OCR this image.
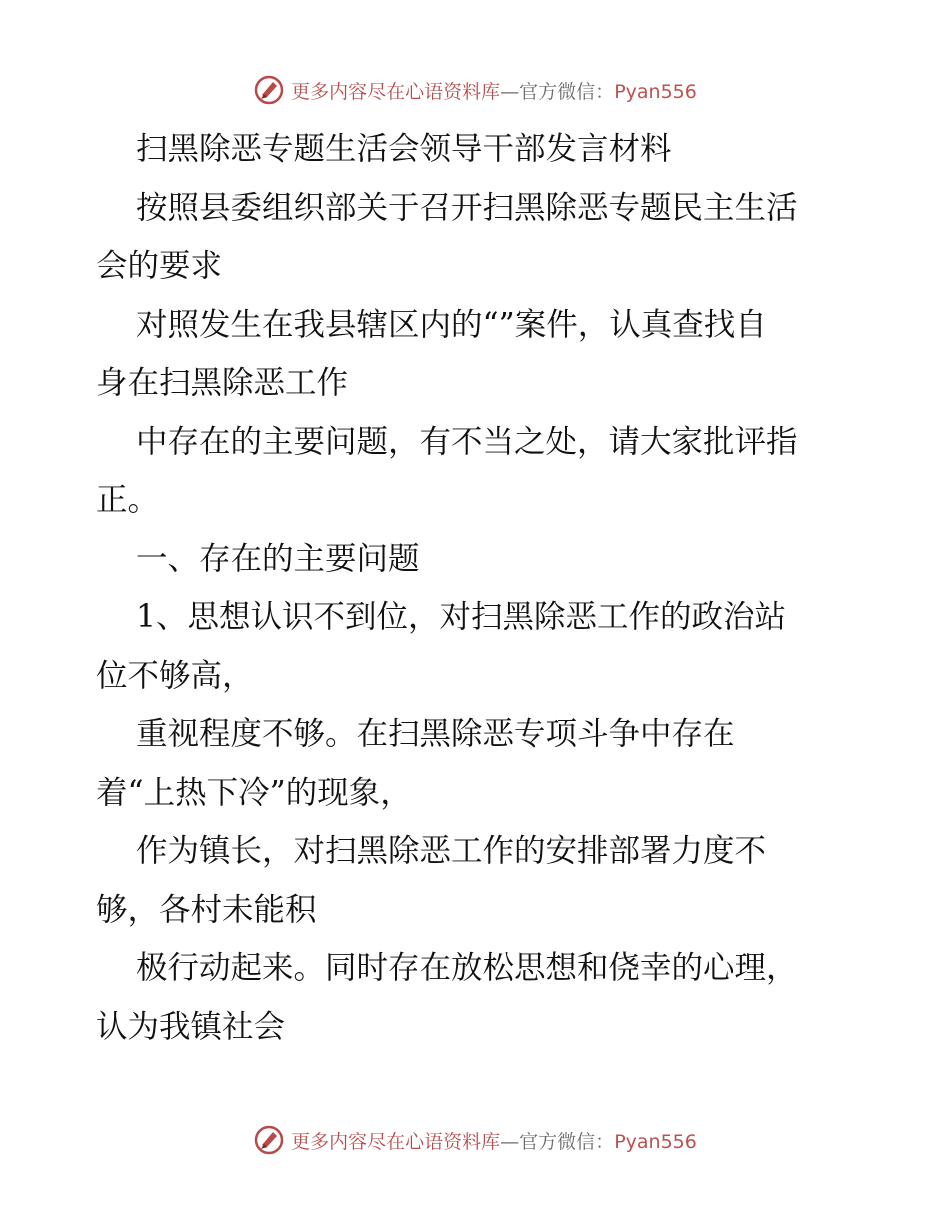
更多内容尽在心语资料库—官方微信：Pyan556
扫黑除恶专题生活会领导干部发言材料
按照县委组织部关于召开扫黑除恶专题民主生活
会的要求
对照发生在我县辖区内的“”案件，认真查找自
身在扫黑除恶工作
中存在的主要问题，有不当之处，请大家批评指
正。
一、存在的主要问题
1、思想认识不到位，对扫黑除恶工作的政治站
位不够高，
重视程度不够。在扫黑除恶专项斗争中存在
着“上热下冷”的现象，
作为镇长，对扫黑除恶工作的安排部署力度不
够，各村未能积
极行动起来。同时存在放松思想和侥幸的心理，
认为我镇社会
更多内容尽在心语资料库—官方微信：Pyan556
